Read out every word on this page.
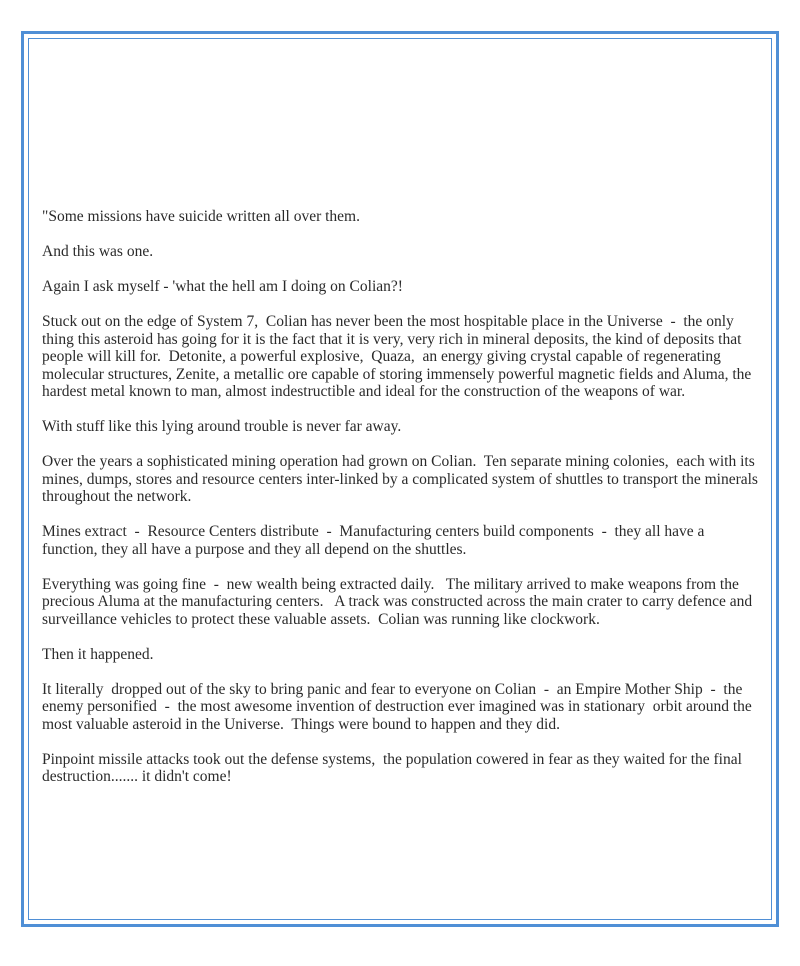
"Some missions have suicide written all over them.

And this was one.

Again I ask myself - 'what the hell am I doing on Colian?!

Stuck out on the edge of System 7,  Colian has never been the most hospitable place in the Universe  -  the only thing this asteroid has going for it is the fact that it is very, very rich in mineral deposits, the kind of deposits that people will kill for.  Detonite, a powerful explosive,  Quaza,  an energy giving crystal capable of regenerating molecular structures, Zenite, a metallic ore capable of storing immensely powerful magnetic fields and Aluma, the hardest metal known to man, almost indestructible and ideal for the construction of the weapons of war.

With stuff like this lying around trouble is never far away.

Over the years a sophisticated mining operation had grown on Colian.  Ten separate mining colonies,  each with its mines, dumps, stores and resource centers inter-linked by a complicated system of shuttles to transport the minerals throughout the network.

Mines extract  -  Resource Centers distribute  -  Manufacturing centers build components  -  they all have a function, they all have a purpose and they all depend on the shuttles.

Everything was going fine  -  new wealth being extracted daily.   The military arrived to make weapons from the precious Aluma at the manufacturing centers.   A track was constructed across the main crater to carry defence and surveillance vehicles to protect these valuable assets.  Colian was running like clockwork.

Then it happened.

It literally  dropped out of the sky to bring panic and fear to everyone on Colian  -  an Empire Mother Ship  -  the enemy personified  -  the most awesome invention of destruction ever imagined was in stationary  orbit around the most valuable asteroid in the Universe.  Things were bound to happen and they did.

Pinpoint missile attacks took out the defense systems,  the population cowered in fear as they waited for the final destruction....... it didn't come!
